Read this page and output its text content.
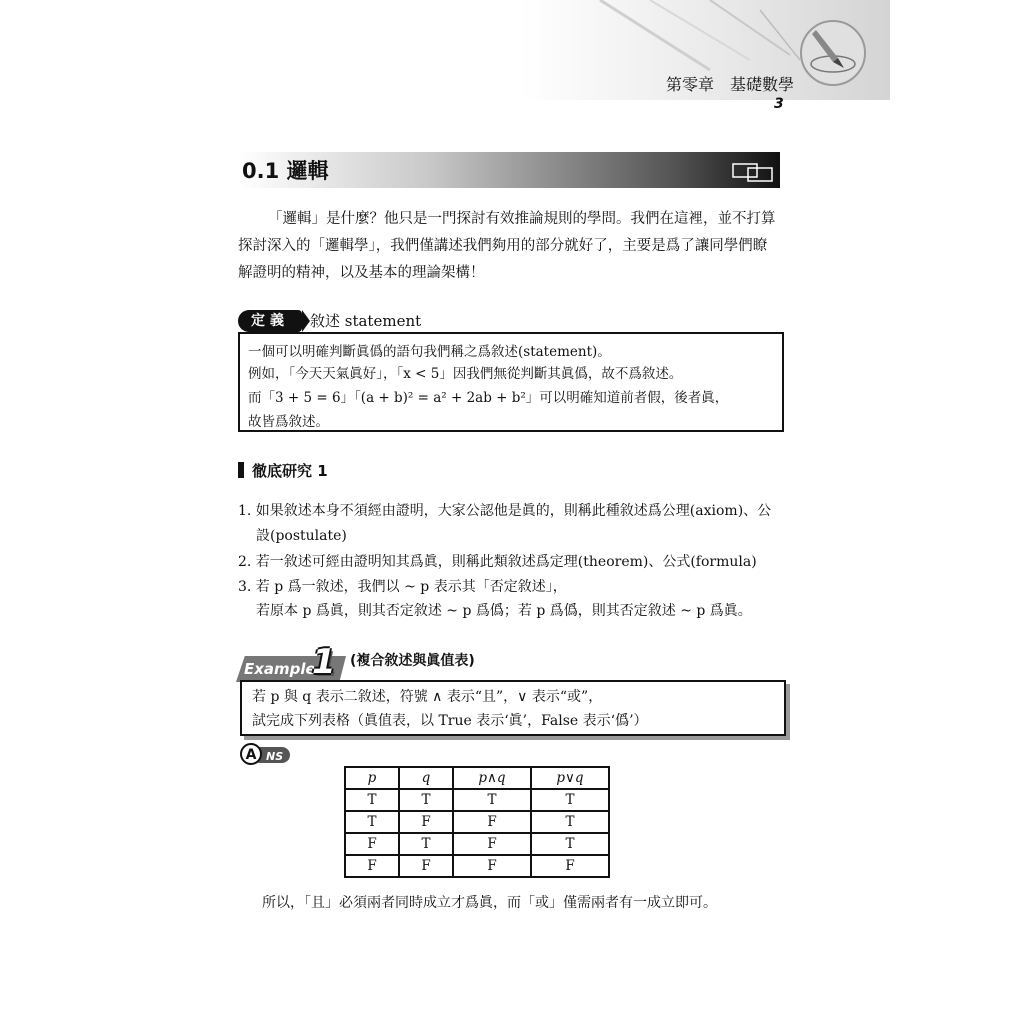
第零章　基礎數學
3
0.1 邏輯
「邏輯」是什麼？他只是一門探討有效推論規則的學問。我們在這裡，並不打算
探討深入的「邏輯學」，我們僅講述我們夠用的部分就好了，主要是爲了讓同學們瞭
解證明的精神，以及基本的理論架構！
定義	敘述 statement
一個可以明確判斷眞僞的語句我們稱之爲敘述(statement)。
例如，「今天天氣眞好」，「x < 5」因我們無從判斷其眞僞，故不爲敘述。
而「3 + 5 = 6」「(a + b)² = a² + 2ab + b²」可以明確知道前者假，後者眞，
故皆爲敘述。
徹底研究 1
1. 如果敘述本身不須經由證明，大家公認他是眞的，則稱此種敘述爲公理(axiom)、公
設(postulate)
2. 若一敘述可經由證明知其爲眞，則稱此類敘述爲定理(theorem)、公式(formula)
3. 若 p 爲一敘述，我們以 ~ p 表示其「否定敘述」，
若原本 p 爲眞，則其否定敘述 ~ p 爲僞；若 p 爲僞，則其否定敘述 ~ p 爲眞。
Example
1 (複合敘述與眞值表)
若 p 與 q 表示二敘述，符號 ∧ 表示“且”，∨ 表示“或”，
試完成下列表格（眞值表，以 True 表示‘眞’，False 表示‘僞’）
A NS
p	q	p∧q	p∨q
T	T	T	T
T	F	F	T
F	T	F	T
F	F	F	F
所以，「且」必須兩者同時成立才爲眞，而「或」僅需兩者有一成立即可。
